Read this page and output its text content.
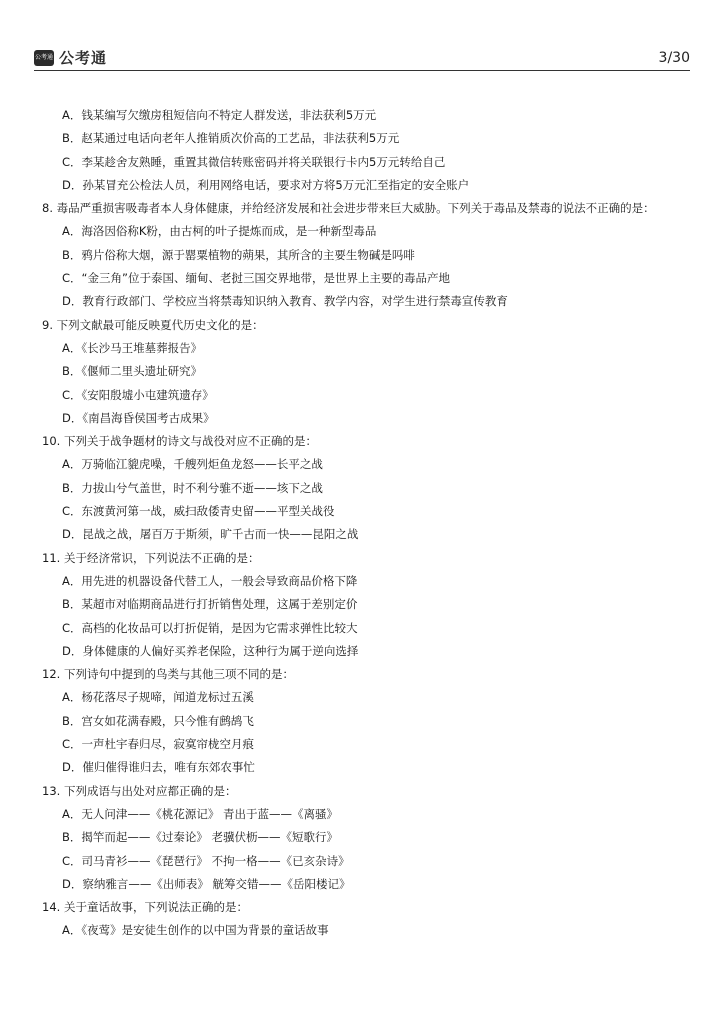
公考通 公考通	3/30
A．钱某编写欠缴房租短信向不特定人群发送，非法获利5万元
B．赵某通过电话向老年人推销质次价高的工艺品，非法获利5万元
C．李某趁舍友熟睡，重置其微信转账密码并将关联银行卡内5万元转给自己
D．孙某冒充公检法人员，利用网络电话，要求对方将5万元汇至指定的安全账户
8. 毒品严重损害吸毒者本人身体健康，并给经济发展和社会进步带来巨大威胁。下列关于毒品及禁毒的说法不正确的是：
A．海洛因俗称K粉，由古柯的叶子提炼而成，是一种新型毒品
B．鸦片俗称大烟，源于罂粟植物的蒴果，其所含的主要生物碱是吗啡
C．“金三角”位于泰国、缅甸、老挝三国交界地带，是世界上主要的毒品产地
D．教育行政部门、学校应当将禁毒知识纳入教育、教学内容，对学生进行禁毒宣传教育
9. 下列文献最可能反映夏代历史文化的是：
A．《长沙马王堆墓葬报告》
B．《偃师二里头遗址研究》
C．《安阳殷墟小屯建筑遗存》
D．《南昌海昏侯国考古成果》
10. 下列关于战争题材的诗文与战役对应不正确的是：
A．万骑临江貔虎噪，千艘列炬鱼龙怒——长平之战
B．力拔山兮气盖世，时不利兮骓不逝——垓下之战
C．东渡黄河第一战，威扫敌倭青史留——平型关战役
D．昆战之战，屠百万于斯须，旷千古而一快——昆阳之战
11. 关于经济常识，下列说法不正确的是：
A．用先进的机器设备代替工人，一般会导致商品价格下降
B．某超市对临期商品进行打折销售处理，这属于差别定价
C．高档的化妆品可以打折促销，是因为它需求弹性比较大
D．身体健康的人偏好买养老保险，这种行为属于逆向选择
12. 下列诗句中提到的鸟类与其他三项不同的是：
A．杨花落尽子规啼，闻道龙标过五溪
B．宫女如花满春殿，只今惟有鹧鸪飞
C．一声杜宇春归尽，寂寞帘栊空月痕
D．催归催得谁归去，唯有东郊农事忙
13. 下列成语与出处对应都正确的是：
A．无人问津——《桃花源记》 青出于蓝——《离骚》
B．揭竿而起——《过秦论》 老骥伏枥——《短歌行》
C．司马青衫——《琵琶行》 不拘一格——《已亥杂诗》
D．察纳雅言——《出师表》 觥筹交错——《岳阳楼记》
14. 关于童话故事，下列说法正确的是：
A．《夜莺》是安徒生创作的以中国为背景的童话故事
